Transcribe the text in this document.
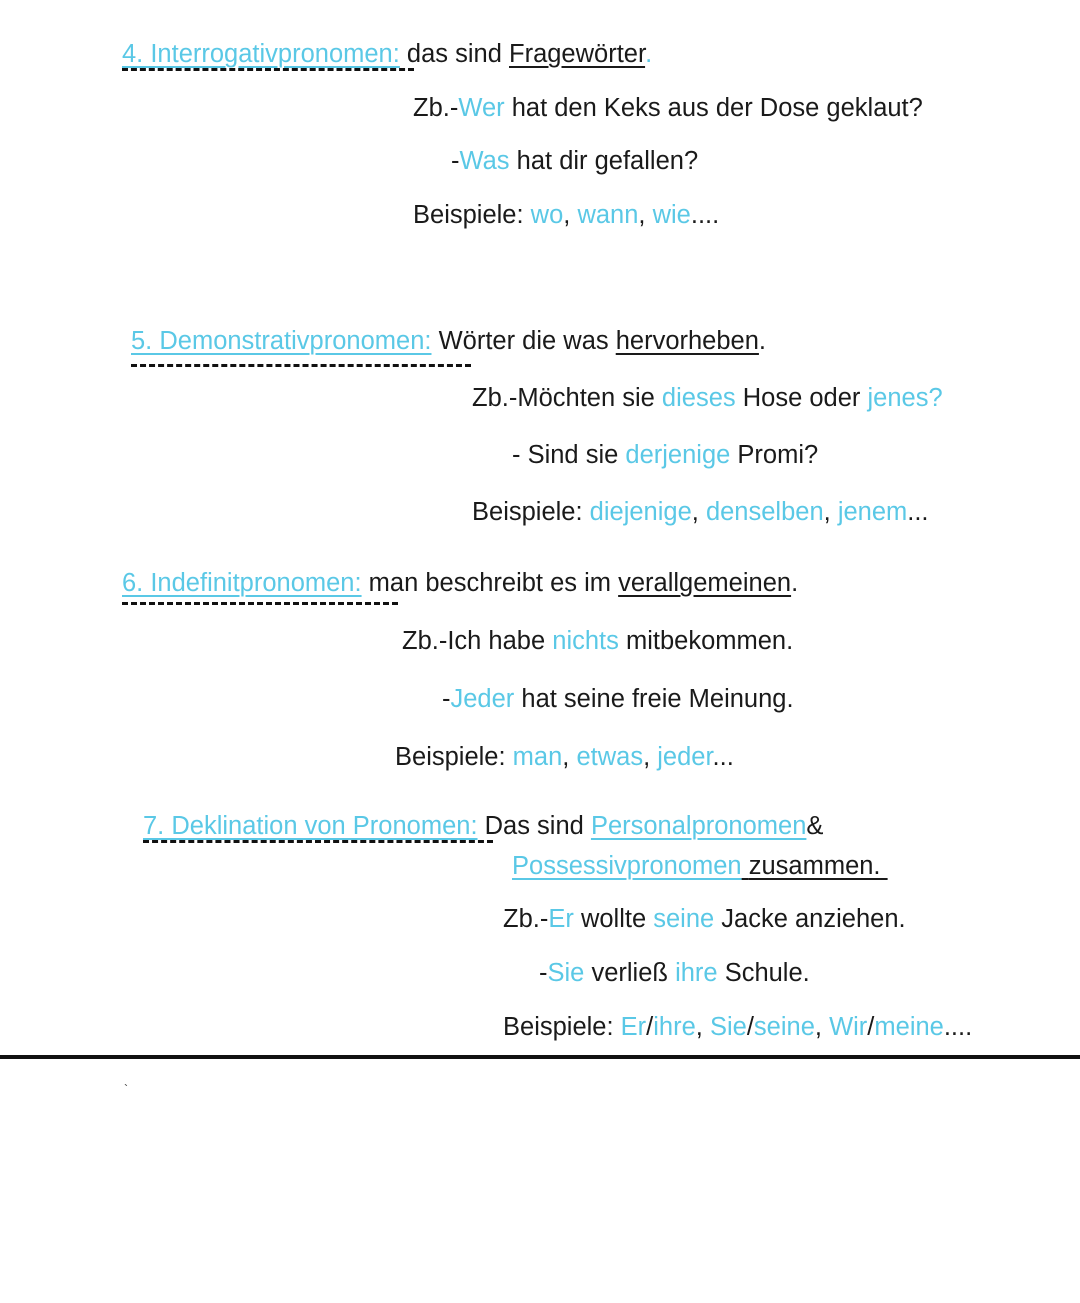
4. Interrogativpronomen: das sind Fragewörter.
Zb.-Wer hat den Keks aus der Dose geklaut?
-Was hat dir gefallen?
Beispiele: wo, wann, wie....
5. Demonstrativpronomen: Wörter die was hervorheben.
Zb.-Möchten sie dieses Hose oder jenes?
- Sind sie derjenige Promi?
Beispiele: diejenige, denselben, jenem...
6. Indefinitpronomen: man beschreibt es im verallgemeinen.
Zb.-Ich habe nichts mitbekommen.
-Jeder hat seine freie Meinung.
Beispiele: man, etwas, jeder...
7. Deklination von Pronomen: Das sind Personalpronomen&
Possessivpronomen zusammen.
Zb.-Er wollte seine Jacke anziehen.
-Sie verließ ihre Schule.
Beispiele: Er/ihre, Sie/seine, Wir/meine....
`
